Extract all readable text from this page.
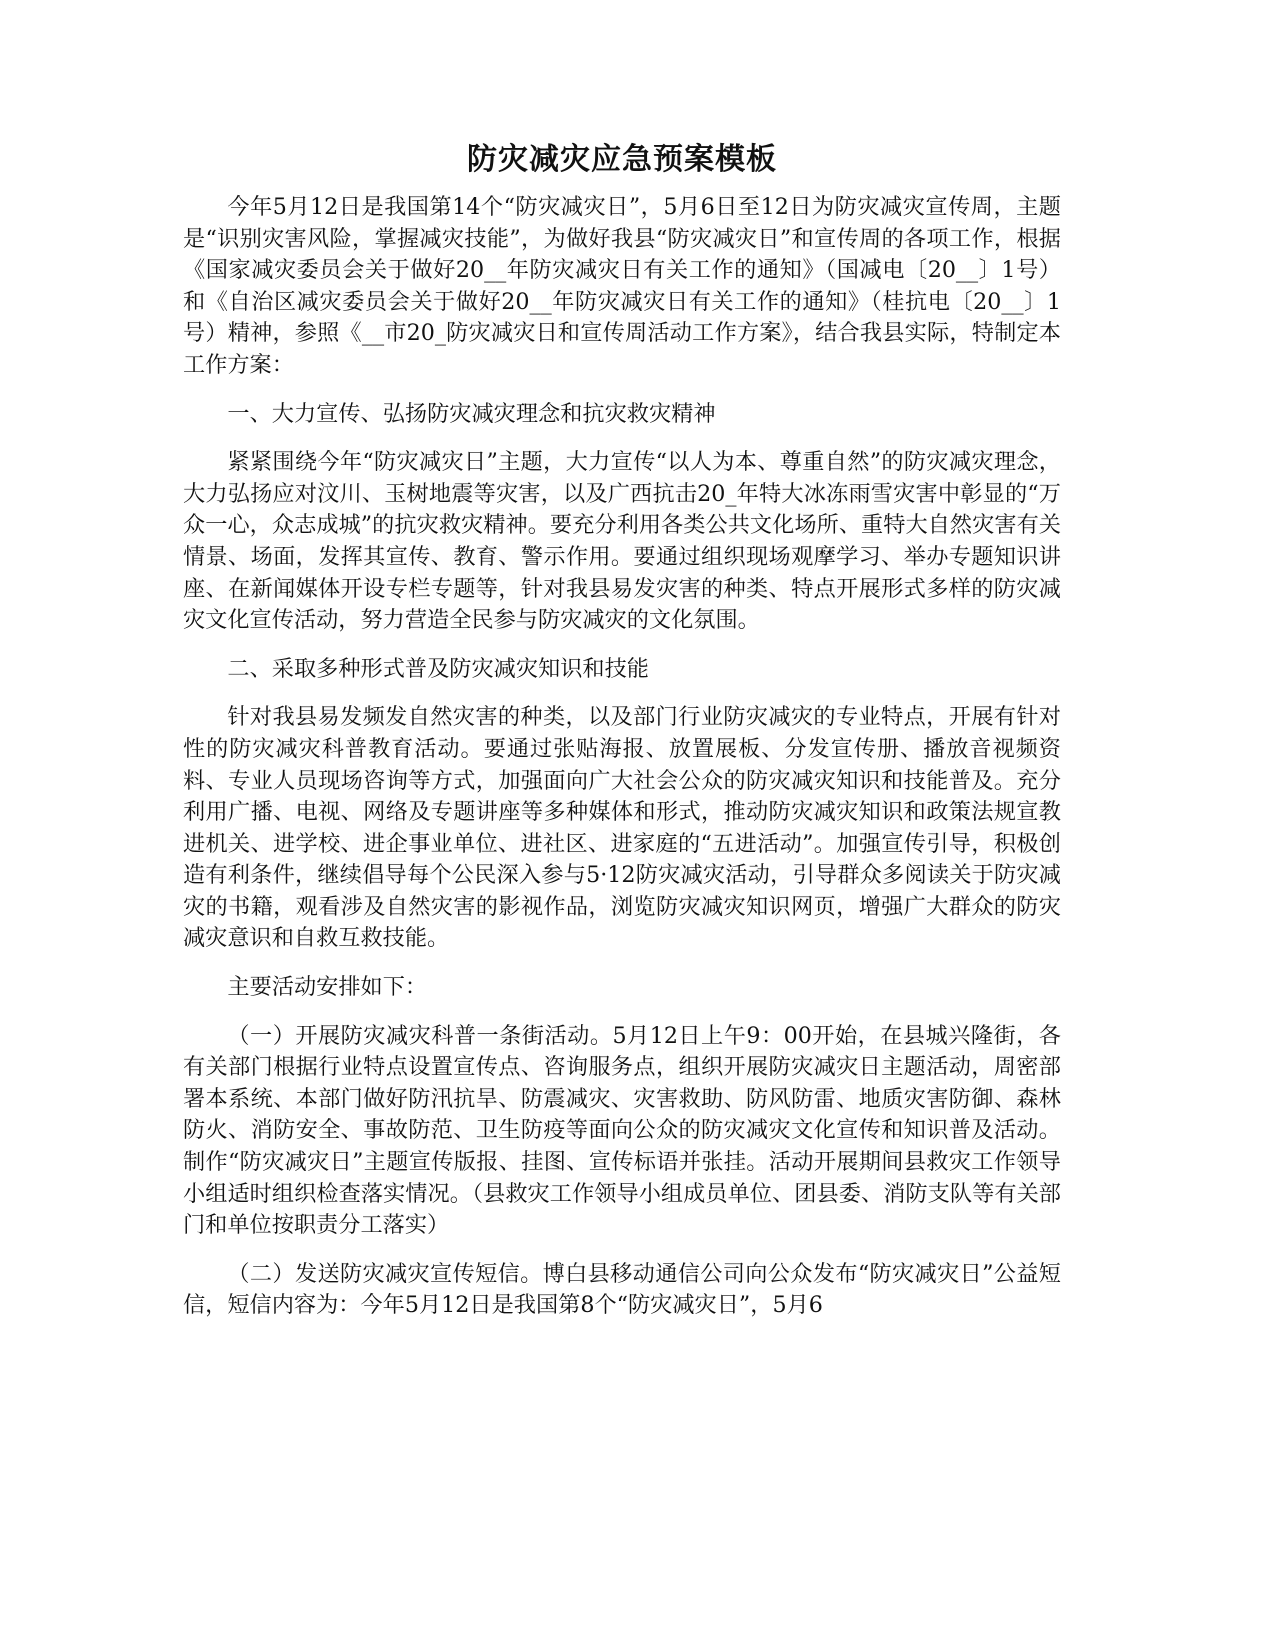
防灾减灾应急预案模板

今年5月12日是我国第14个“防灾减灾日”，5月6日至12日为防灾减灾宣传周，主题是“识别灾害风险，掌握减灾技能”，为做好我县“防灾减灾日”和宣传周的各项工作，根据《国家减灾委员会关于做好20__年防灾减灾日有关工作的通知》（国减电〔20__〕1号）和《自治区减灾委员会关于做好20__年防灾减灾日有关工作的通知》（桂抗电〔20__〕1号）精神，参照《__市20_防灾减灾日和宣传周活动工作方案》，结合我县实际，特制定本工作方案：

一、大力宣传、弘扬防灾减灾理念和抗灾救灾精神

紧紧围绕今年“防灾减灾日”主题，大力宣传“以人为本、尊重自然”的防灾减灾理念，大力弘扬应对汶川、玉树地震等灾害，以及广西抗击20_年特大冰冻雨雪灾害中彰显的“万众一心，众志成城”的抗灾救灾精神。要充分利用各类公共文化场所、重特大自然灾害有关情景、场面，发挥其宣传、教育、警示作用。要通过组织现场观摩学习、举办专题知识讲座、在新闻媒体开设专栏专题等，针对我县易发灾害的种类、特点开展形式多样的防灾减灾文化宣传活动，努力营造全民参与防灾减灾的文化氛围。

二、采取多种形式普及防灾减灾知识和技能

针对我县易发频发自然灾害的种类，以及部门行业防灾减灾的专业特点，开展有针对性的防灾减灾科普教育活动。要通过张贴海报、放置展板、分发宣传册、播放音视频资料、专业人员现场咨询等方式，加强面向广大社会公众的防灾减灾知识和技能普及。充分利用广播、电视、网络及专题讲座等多种媒体和形式，推动防灾减灾知识和政策法规宣教进机关、进学校、进企事业单位、进社区、进家庭的“五进活动”。加强宣传引导，积极创造有利条件，继续倡导每个公民深入参与5·12防灾减灾活动，引导群众多阅读关于防灾减灾的书籍，观看涉及自然灾害的影视作品，浏览防灾减灾知识网页，增强广大群众的防灾减灾意识和自救互救技能。

主要活动安排如下：

（一）开展防灾减灾科普一条街活动。5月12日上午9：00开始，在县城兴隆街，各有关部门根据行业特点设置宣传点、咨询服务点，组织开展防灾减灾日主题活动，周密部署本系统、本部门做好防汛抗旱、防震减灾、灾害救助、防风防雷、地质灾害防御、森林防火、消防安全、事故防范、卫生防疫等面向公众的防灾减灾文化宣传和知识普及活动。制作“防灾减灾日”主题宣传版报、挂图、宣传标语并张挂。活动开展期间县救灾工作领导小组适时组织检查落实情况。（县救灾工作领导小组成员单位、团县委、消防支队等有关部门和单位按职责分工落实）

（二）发送防灾减灾宣传短信。博白县移动通信公司向公众发布“防灾减灾日”公益短信，短信内容为：今年5月12日是我国第8个“防灾减灾日”，5月6
